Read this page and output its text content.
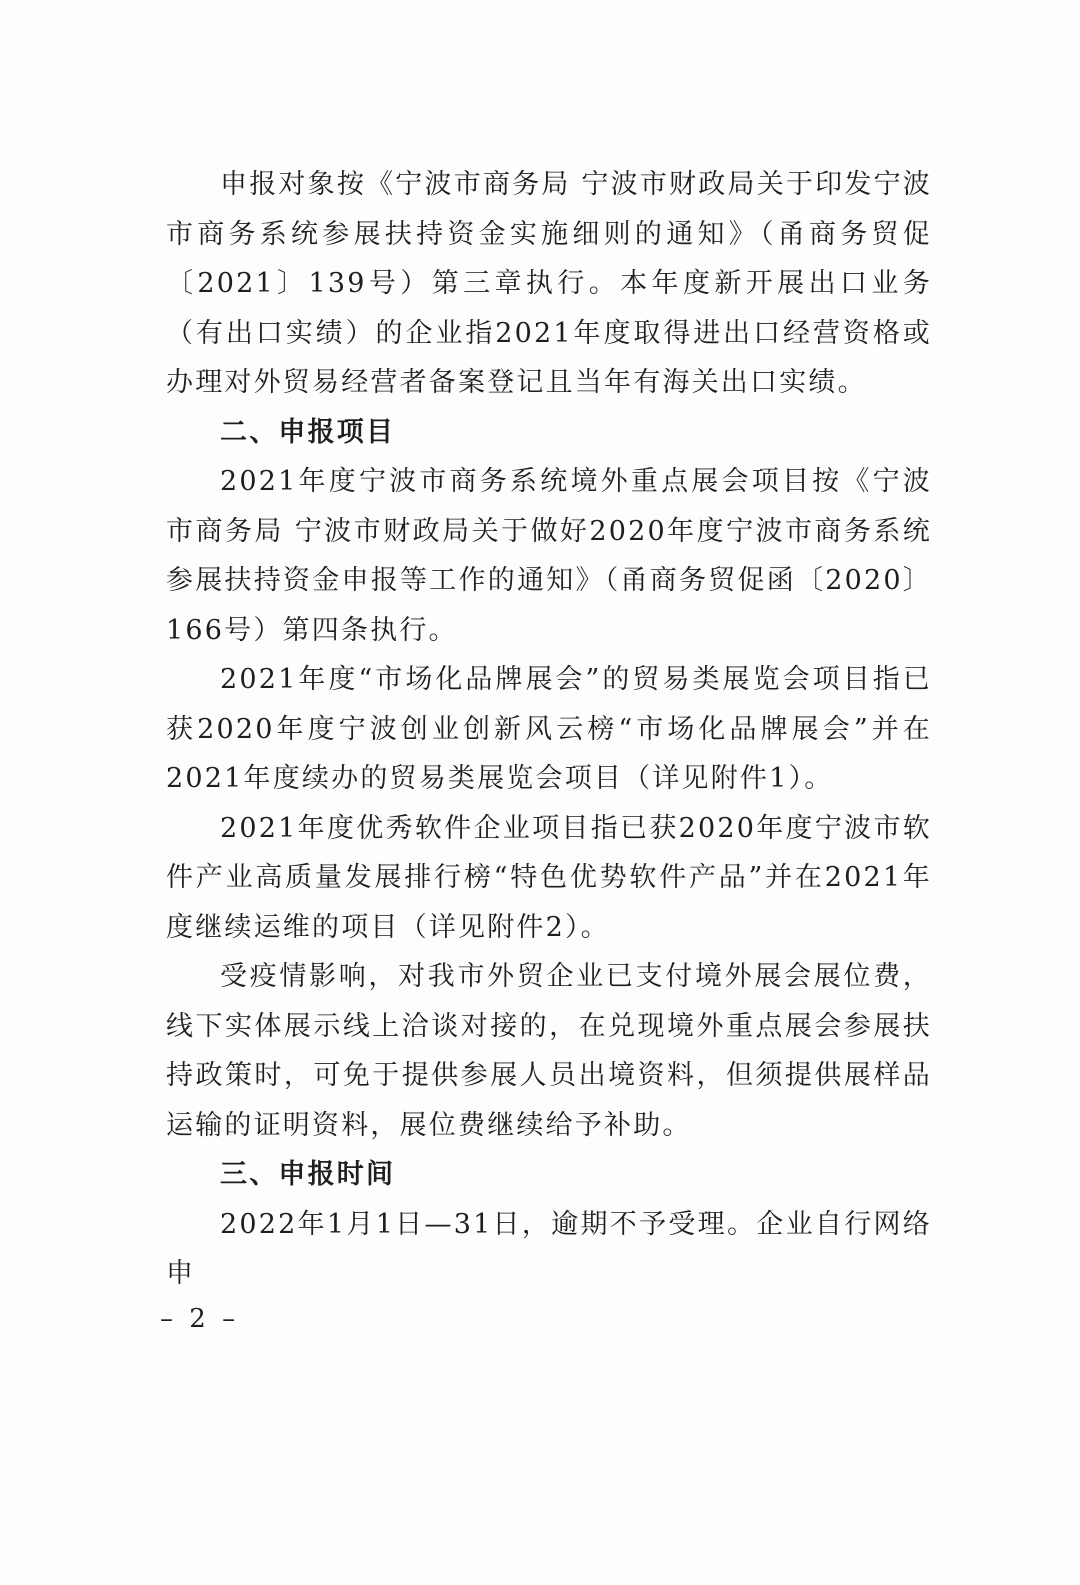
申报对象按《宁波市商务局 宁波市财政局关于印发宁波市商务系统参展扶持资金实施细则的通知》（甬商务贸促〔2021〕139号）第三章执行。本年度新开展出口业务（有出口实绩）的企业指2021年度取得进出口经营资格或办理对外贸易经营者备案登记且当年有海关出口实绩。

二、申报项目

2021年度宁波市商务系统境外重点展会项目按《宁波市商务局 宁波市财政局关于做好2020年度宁波市商务系统参展扶持资金申报等工作的通知》（甬商务贸促函〔2020〕166号）第四条执行。

2021年度“市场化品牌展会”的贸易类展览会项目指已获2020年度宁波创业创新风云榜“市场化品牌展会”并在2021年度续办的贸易类展览会项目（详见附件1）。

2021年度优秀软件企业项目指已获2020年度宁波市软件产业高质量发展排行榜“特色优势软件产品”并在2021年度继续运维的项目（详见附件2）。

受疫情影响，对我市外贸企业已支付境外展会展位费，线下实体展示线上洽谈对接的，在兑现境外重点展会参展扶持政策时，可免于提供参展人员出境资料，但须提供展样品运输的证明资料，展位费继续给予补助。

三、申报时间

2022年1月1日—31日，逾期不予受理。企业自行网络申

– 2 –
